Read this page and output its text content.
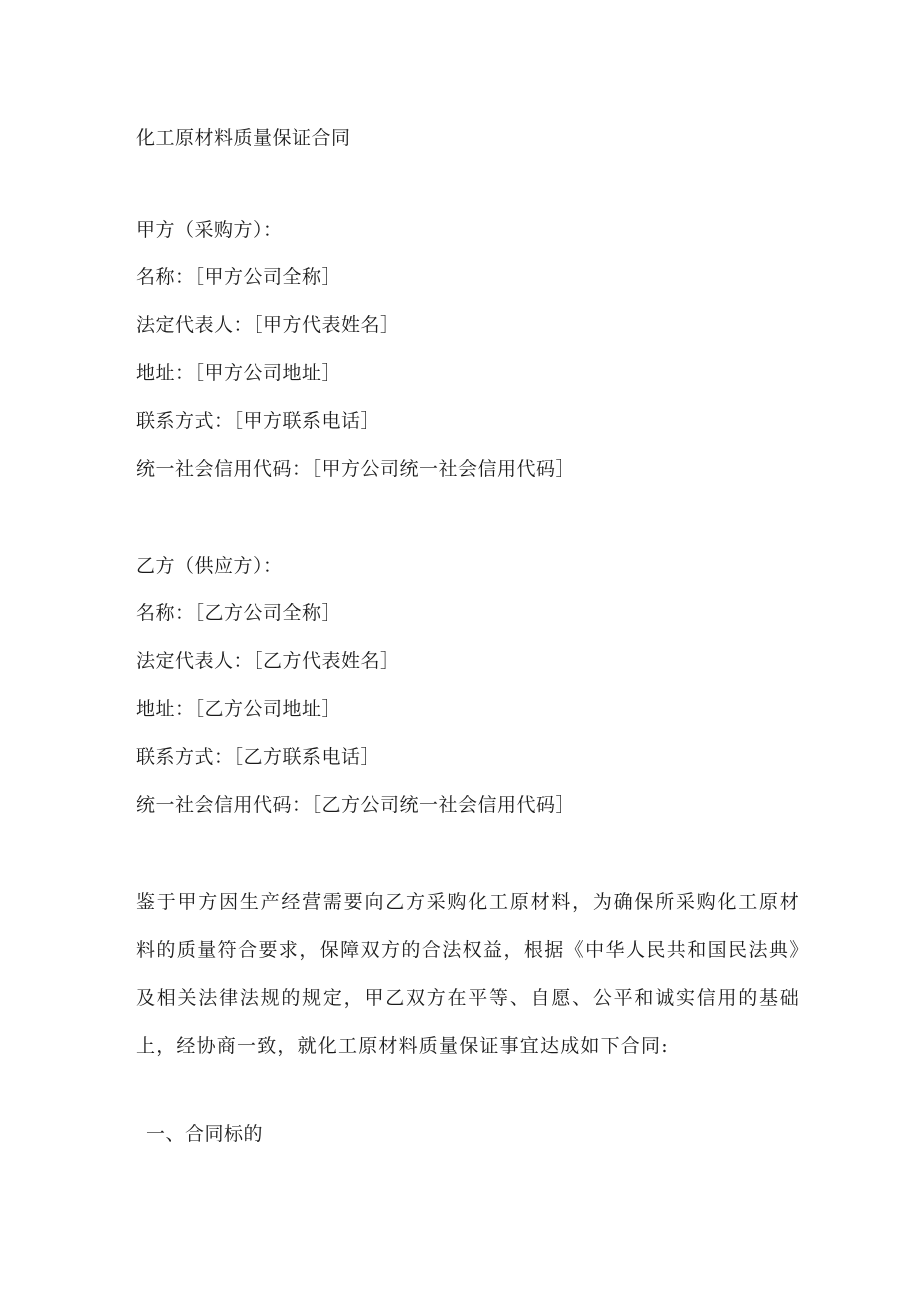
化工原材料质量保证合同
甲方（采购方）：
名称：［甲方公司全称］
法定代表人：［甲方代表姓名］
地址：［甲方公司地址］
联系方式：［甲方联系电话］
统一社会信用代码：［甲方公司统一社会信用代码］
乙方（供应方）：
名称：［乙方公司全称］
法定代表人：［乙方代表姓名］
地址：［乙方公司地址］
联系方式：［乙方联系电话］
统一社会信用代码：［乙方公司统一社会信用代码］
鉴于甲方因生产经营需要向乙方采购化工原材料，为确保所采购化工原材料的质量符合要求，保障双方的合法权益，根据《中华人民共和国民法典》及相关法律法规的规定，甲乙双方在平等、自愿、公平和诚实信用的基础上，经协商一致，就化工原材料质量保证事宜达成如下合同:
一、合同标的
